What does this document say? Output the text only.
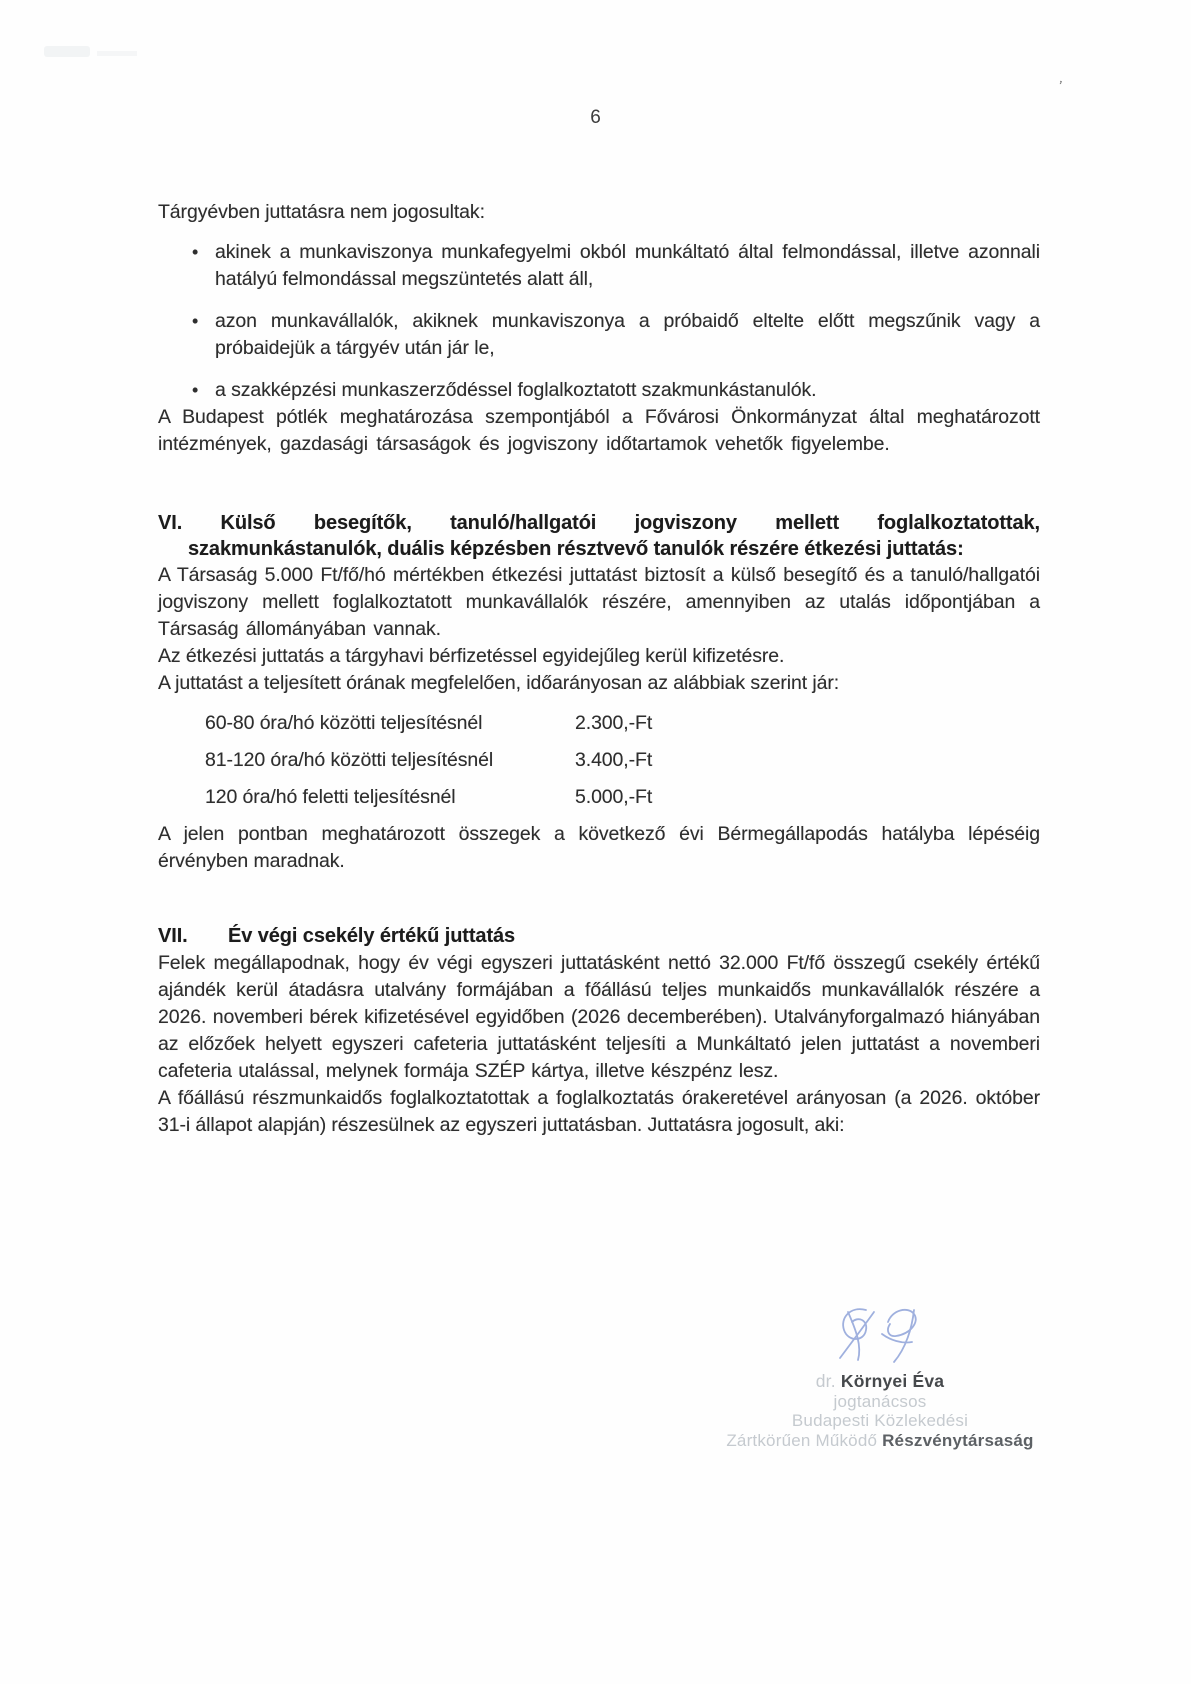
’
6

Tárgyévben juttatásra nem jogosultak:

• akinek a munkaviszonya munkafegyelmi okból munkáltató által felmondással, illetve azonnali hatályú felmondással megszüntetés alatt áll,
• azon munkavállalók, akiknek munkaviszonya a próbaidő eltelte előtt megszűnik vagy a próbaidejük a tárgyév után jár le,
• a szakképzési munkaszerződéssel foglalkoztatott szakmunkástanulók.

A Budapest pótlék meghatározása szempontjából a Fővárosi Önkormányzat által meghatározott intézmények, gazdasági társaságok és jogviszony időtartamok vehetők figyelembe.

VI. Külső besegítők, tanuló/hallgatói jogviszony mellett foglalkoztatottak, szakmunkástanulók, duális képzésben résztvevő tanulók részére étkezési juttatás:

A Társaság 5.000 Ft/fő/hó mértékben étkezési juttatást biztosít a külső besegítő és a tanuló/hallgatói jogviszony mellett foglalkoztatott munkavállalók részére, amennyiben az utalás időpontjában a Társaság állományában vannak.

Az étkezési juttatás a tárgyhavi bérfizetéssel egyidejűleg kerül kifizetésre.

A juttatást a teljesített órának megfelelően, időarányosan az alábbiak szerint jár:

60-80 óra/hó közötti teljesítésnél	2.300,-Ft
81-120 óra/hó közötti teljesítésnél	3.400,-Ft
120 óra/hó feletti teljesítésnél	5.000,-Ft

A jelen pontban meghatározott összegek a következő évi Bérmegállapodás hatályba lépéséig érvényben maradnak.

VII. Év végi csekély értékű juttatás

Felek megállapodnak, hogy év végi egyszeri juttatásként nettó 32.000 Ft/fő összegű csekély értékű ajándék kerül átadásra utalvány formájában a főállású teljes munkaidős munkavállalók részére a 2026. novemberi bérek kifizetésével egyidőben (2026 decemberében). Utalványforgalmazó hiányában az előzőek helyett egyszeri cafeteria juttatásként teljesíti a Munkáltató jelen juttatást a novemberi cafeteria utalással, melynek formája SZÉP kártya, illetve készpénz lesz.

A főállású részmunkaidős foglalkoztatottak a foglalkoztatás órakeretével arányosan (a 2026. október 31-i állapot alapján) részesülnek az egyszeri juttatásban. Juttatásra jogosult, aki:

dr. Környei Éva
jogtanácsos
Budapesti Közlekedési
Zártkörűen Működő Részvénytársaság
